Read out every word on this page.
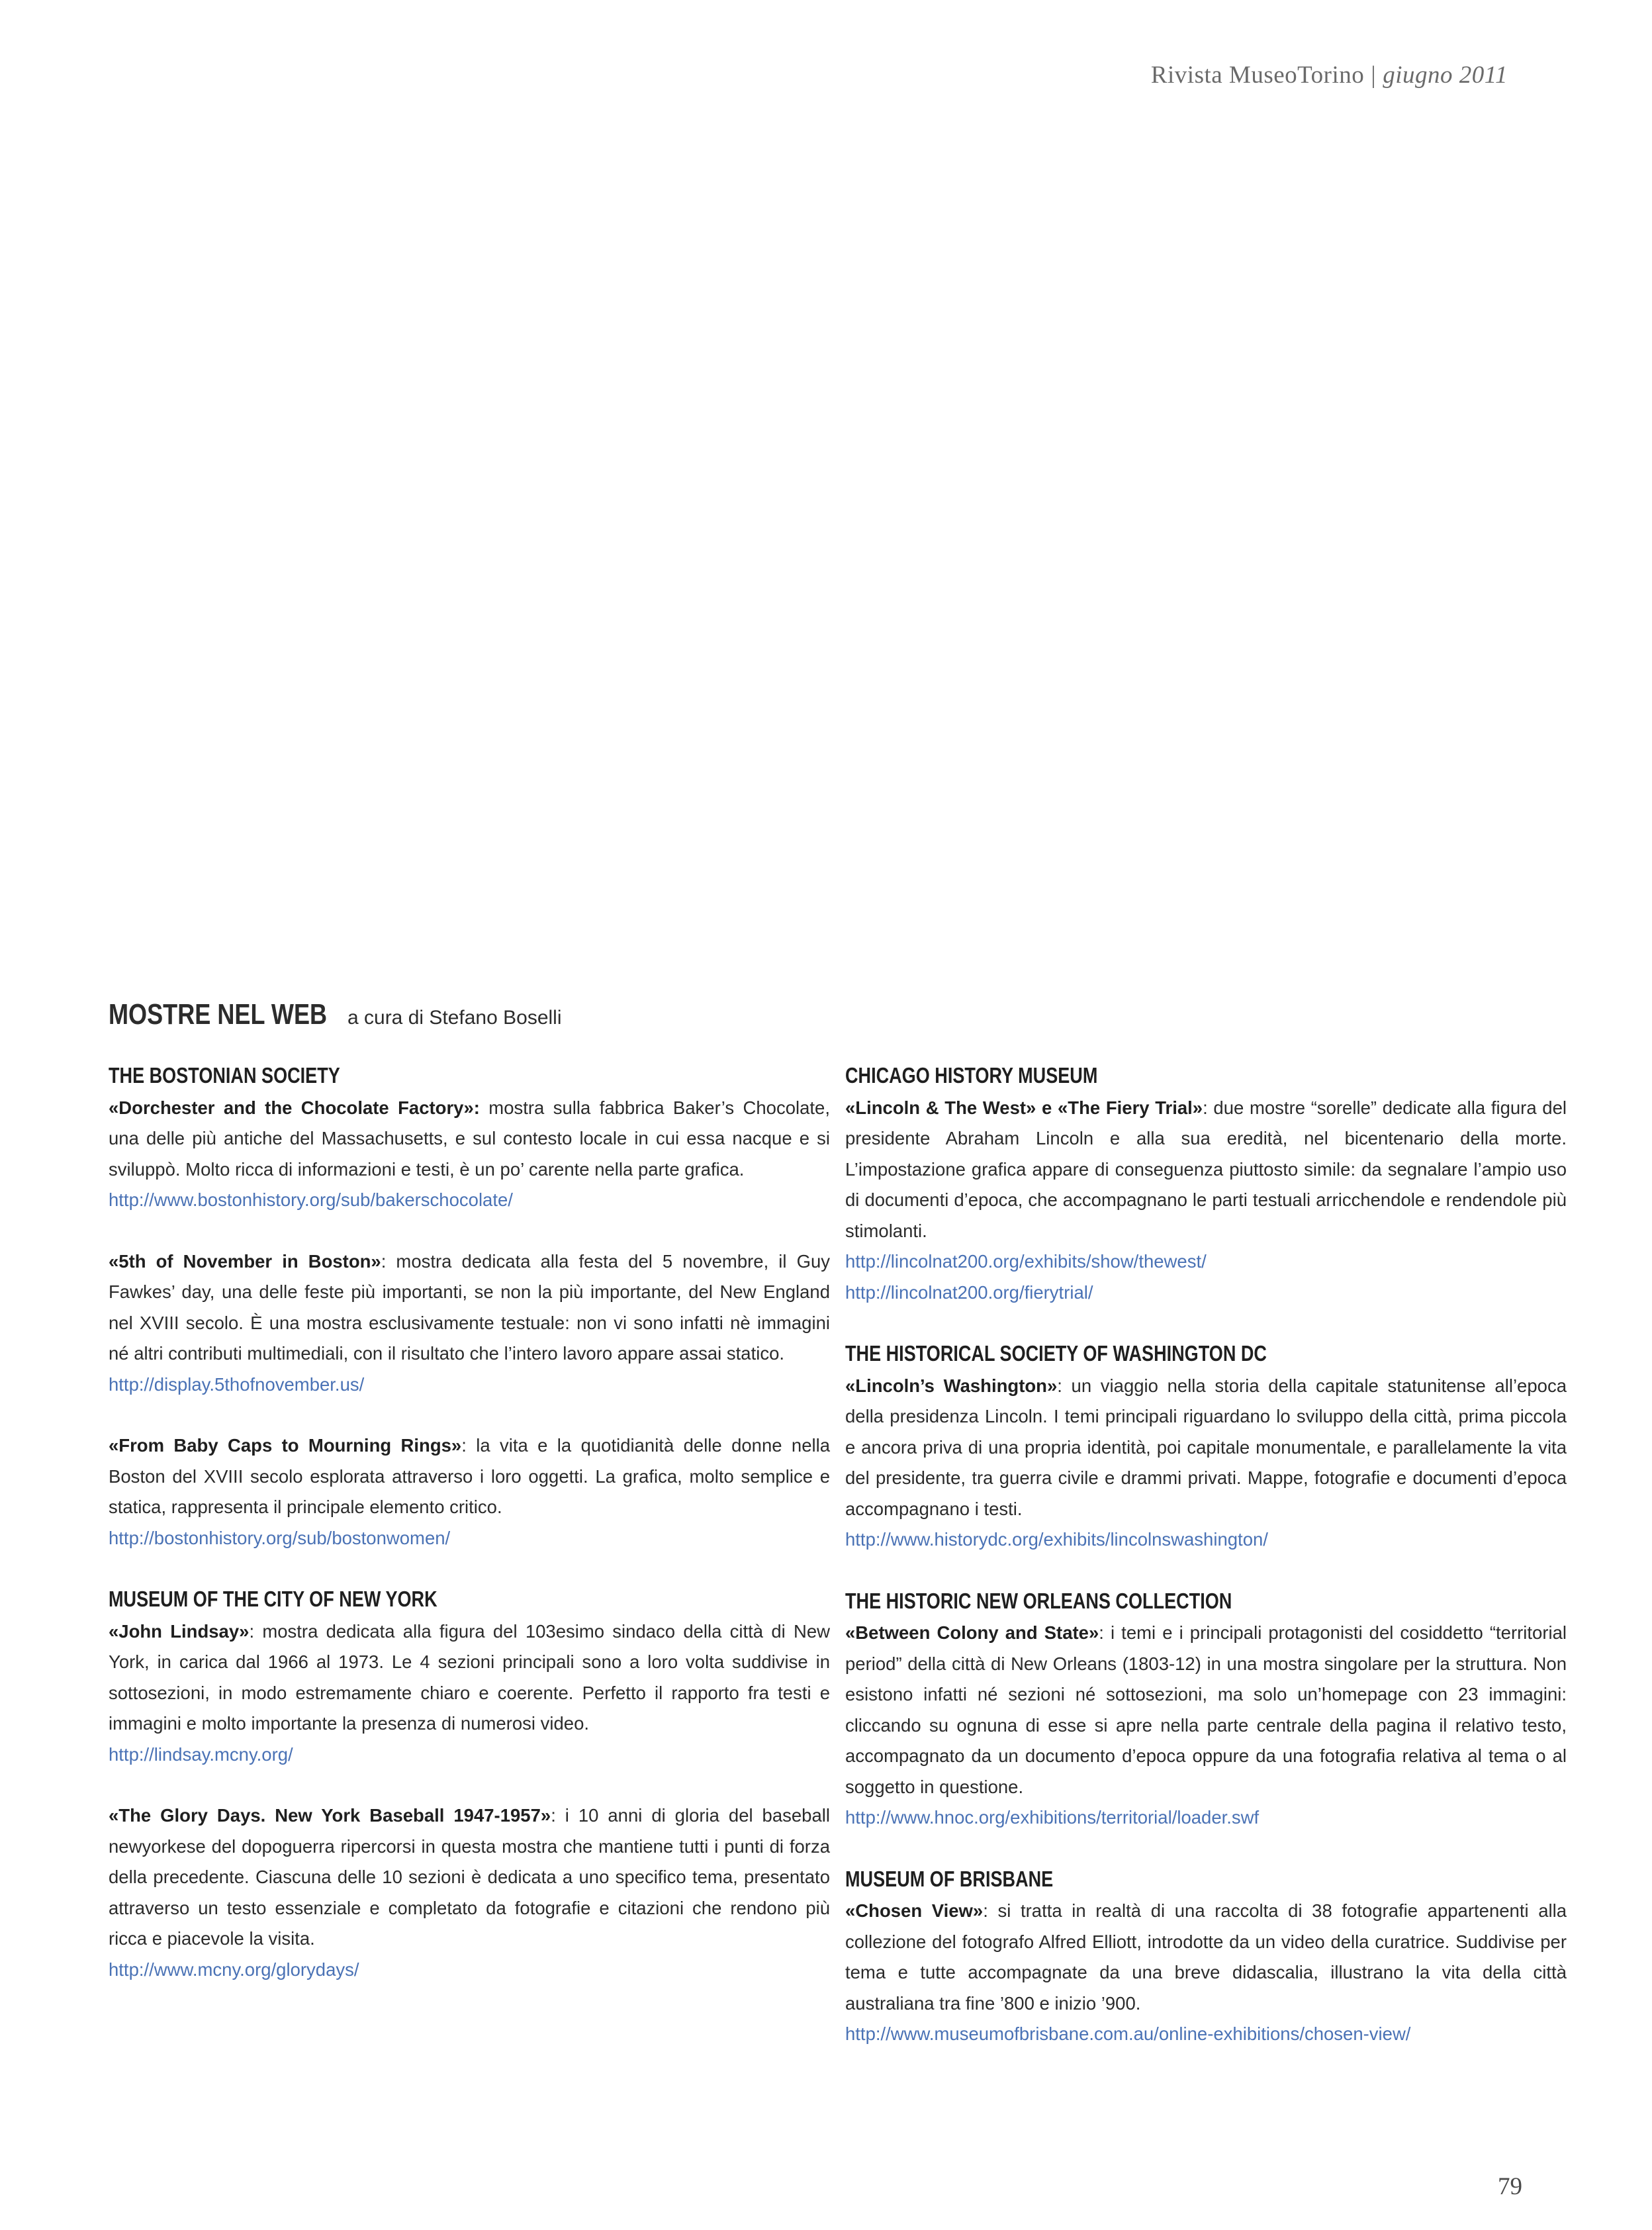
Rivista MuseoTorino | giugno 2011
MOSTRE NEL WEB a cura di Stefano Boselli
THE BOSTONIAN SOCIETY

«Dorchester and the Chocolate Factory»: mostra sulla fabbrica Baker’s Chocolate, una delle più antiche del Massachusetts, e sul contesto locale in cui essa nacque e si sviluppò. Molto ricca di informazioni e testi, è un po’ carente nella parte grafica.

http://www.bostonhistory.org/sub/bakerschocolate/

«5th of November in Boston»: mostra dedicata alla festa del 5 novembre, il Guy Fawkes’ day, una delle feste più importanti, se non la più importante, del New England nel XVIII secolo. È una mostra esclusivamente testuale: non vi sono infatti nè immagini né altri contributi multimediali, con il risultato che l’intero lavoro appare assai statico.

http://display.5thofnovember.us/

«From Baby Caps to Mourning Rings»: la vita e la quotidianità delle donne nella Boston del XVIII secolo esplorata attraverso i loro oggetti. La grafica, molto semplice e statica, rappresenta il principale elemento critico.

http://bostonhistory.org/sub/bostonwomen/
MUSEUM OF THE CITY OF NEW YORK

«John Lindsay»: mostra dedicata alla figura del 103esimo sindaco della città di New York, in carica dal 1966 al 1973. Le 4 sezioni principali sono a loro volta suddivise in sottosezioni, in modo estremamente chiaro e coerente. Perfetto il rapporto fra testi e immagini e molto importante la presenza di numerosi video.

http://lindsay.mcny.org/

«The Glory Days. New York Baseball 1947-1957»: i 10 anni di gloria del baseball newyorkese del dopoguerra ripercorsi in questa mostra che mantiene tutti i punti di forza della precedente. Ciascuna delle 10 sezioni è dedicata a uno specifico tema, presentato attraverso un testo essenziale e completato da fotografie e citazioni che rendono più ricca e piacevole la visita.

http://www.mcny.org/glorydays/
CHICAGO HISTORY MUSEUM

«Lincoln & The West» e «The Fiery Trial»: due mostre “sorelle” dedicate alla figura del presidente Abraham Lincoln e alla sua eredità, nel bicentenario della morte. L’impostazione grafica appare di conseguenza piuttosto simile: da segnalare l’ampio uso di documenti d’epoca, che accompagnano le parti testuali arricchendole e rendendole più stimolanti.

http://lincolnat200.org/exhibits/show/thewest/
http://lincolnat200.org/fierytrial/
THE HISTORICAL SOCIETY OF WASHINGTON DC

«Lincoln’s Washington»: un viaggio nella storia della capitale statunitense all’epoca della presidenza Lincoln. I temi principali riguardano lo sviluppo della città, prima piccola e ancora priva di una propria identità, poi capitale monumentale, e parallelamente la vita del presidente, tra guerra civile e drammi privati. Mappe, fotografie e documenti d’epoca accompagnano i testi.

http://www.historydc.org/exhibits/lincolnswashington/
THE HISTORIC NEW ORLEANS COLLECTION

«Between Colony and State»: i temi e i principali protagonisti del cosiddetto “territorial period” della città di New Orleans (1803-12) in una mostra singolare per la struttura. Non esistono infatti né sezioni né sottosezioni, ma solo un’homepage con 23 immagini: cliccando su ognuna di esse si apre nella parte centrale della pagina il relativo testo, accompagnato da un documento d’epoca oppure da una fotografia relativa al tema o al soggetto in questione.

http://www.hnoc.org/exhibitions/territorial/loader.swf
MUSEUM OF BRISBANE

«Chosen View»: si tratta in realtà di una raccolta di 38 fotografie appartenenti alla collezione del fotografo Alfred Elliott, introdotte da un video della curatrice. Suddivise per tema e tutte accompagnate da una breve didascalia, illustrano la vita della città australiana tra fine ’800 e inizio ’900.

http://www.museumofbrisbane.com.au/online-exhibitions/chosen-view/
79
